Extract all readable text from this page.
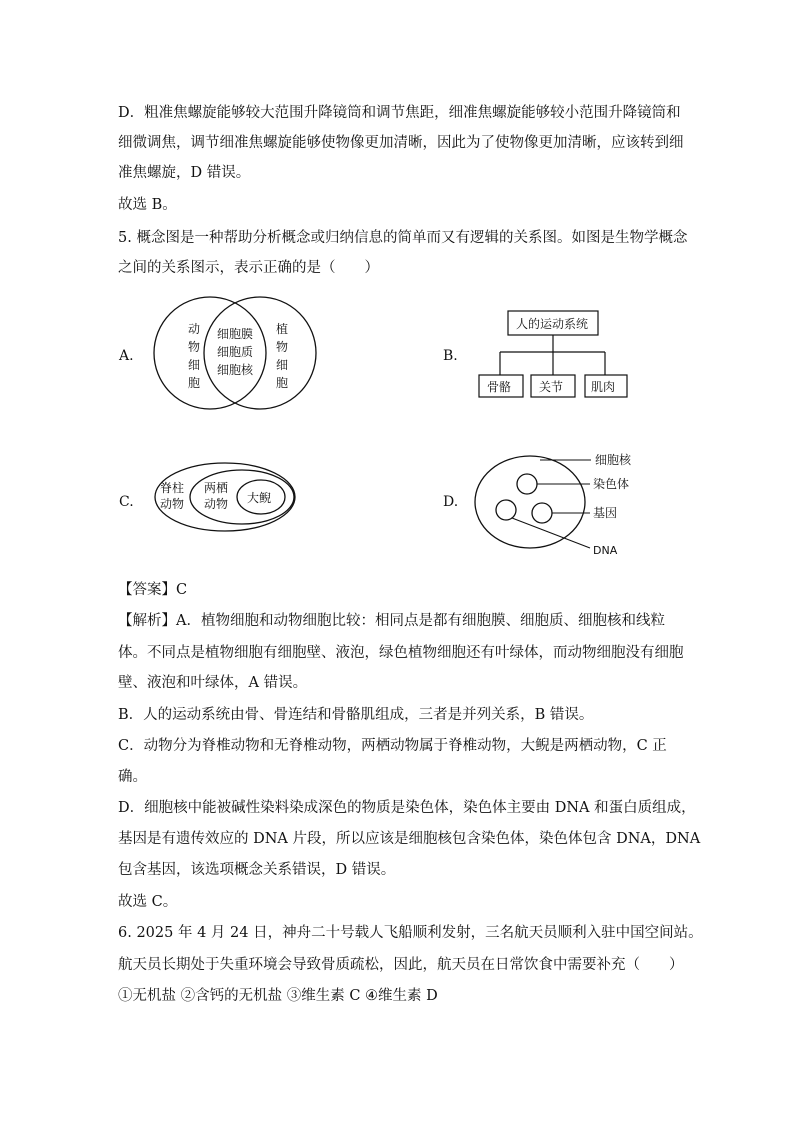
D．粗准焦螺旋能够较大范围升降镜筒和调节焦距，细准焦螺旋能够较小范围升降镜筒和
细微调焦，调节细准焦螺旋能够使物像更加清晰，因此为了使物像更加清晰，应该转到细
准焦螺旋，D 错误。
故选 B。
5. 概念图是一种帮助分析概念或归纳信息的简单而又有逻辑的关系图。如图是生物学概念
之间的关系图示，表示正确的是（　　）
A.
动
物
细
胞
细胞膜
细胞质
细胞核
植
物
细
胞
B.
人的运动系统
骨骼 关节 肌肉
C.
脊柱
动物
两栖
动物 大鲵	D.
细胞核
染色体
基因
DNA
【答案】C
【解析】A．植物细胞和动物细胞比较：相同点是都有细胞膜、细胞质、细胞核和线粒
体。不同点是植物细胞有细胞壁、液泡，绿色植物细胞还有叶绿体，而动物细胞没有细胞
壁、液泡和叶绿体，A 错误。
B．人的运动系统由骨、骨连结和骨骼肌组成，三者是并列关系，B 错误。
C．动物分为脊椎动物和无脊椎动物，两栖动物属于脊椎动物，大鲵是两栖动物，C 正
确。
D．细胞核中能被碱性染料染成深色的物质是染色体，染色体主要由 DNA 和蛋白质组成，
基因是有遗传效应的 DNA 片段，所以应该是细胞核包含染色体，染色体包含 DNA，DNA
包含基因，该选项概念关系错误，D 错误。
故选 C。
6. 2025 年 4 月 24 日，神舟二十号载人飞船顺利发射，三名航天员顺利入驻中国空间站。
航天员长期处于失重环境会导致骨质疏松，因此，航天员在日常饮食中需要补充（　　）
①无机盐 ②含钙的无机盐 ③维生素 C ④维生素 D
